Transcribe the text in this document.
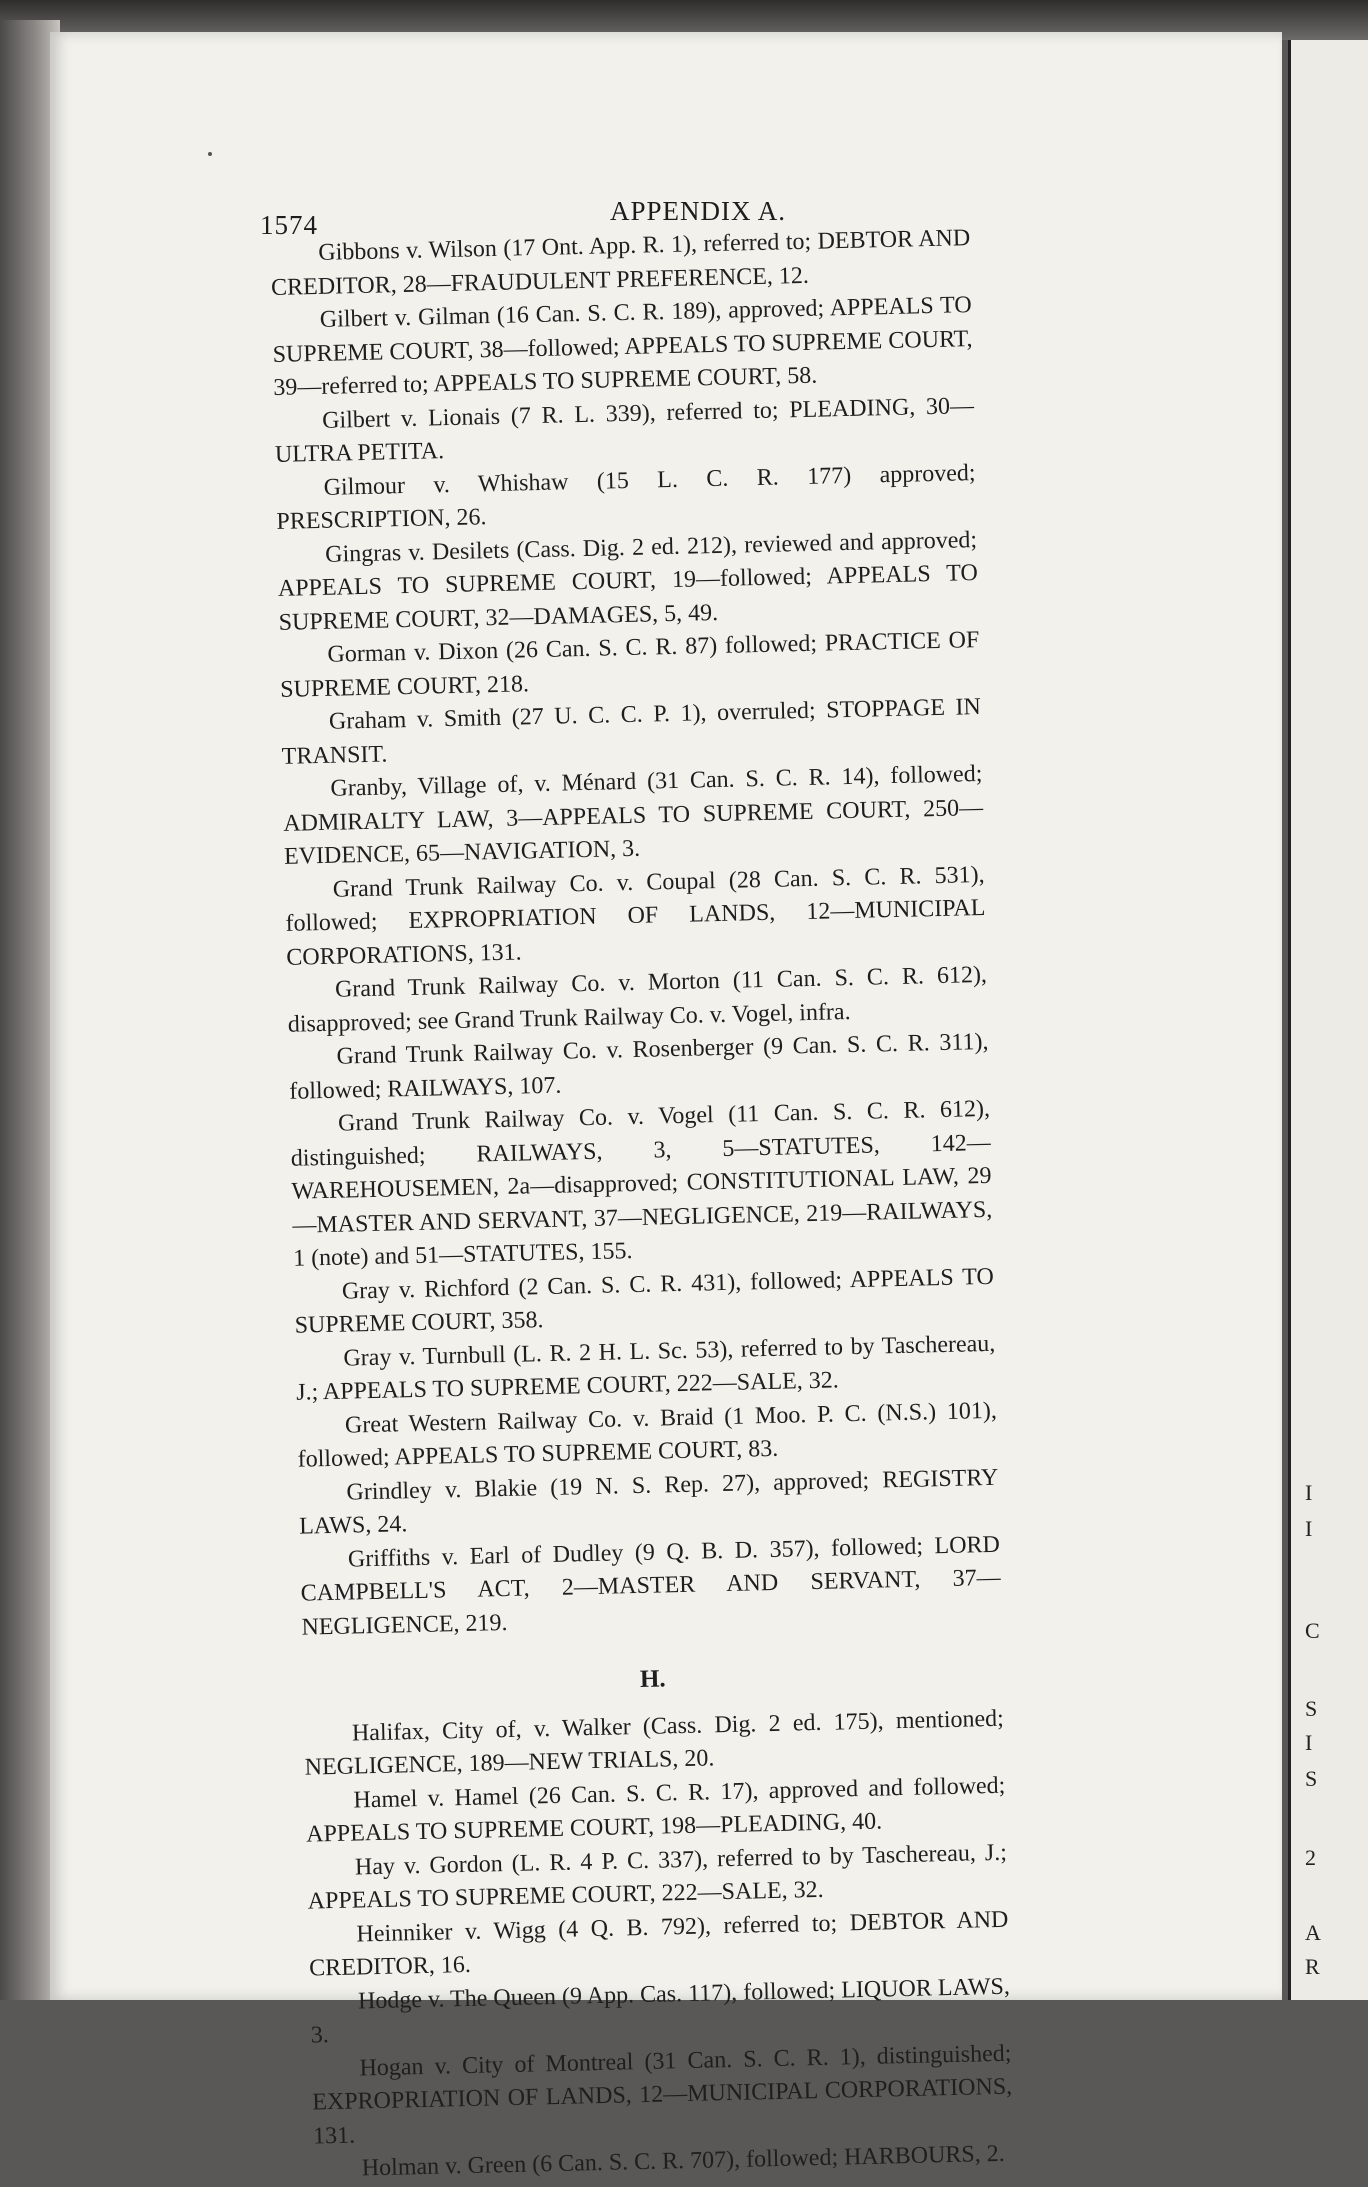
1574	APPENDIX A.

Gibbons v. Wilson (17 Ont. App. R. 1), referred to; DEBTOR AND CREDITOR, 28—FRAUDULENT PREFERENCE, 12.

Gilbert v. Gilman (16 Can. S. C. R. 189), approved; APPEALS TO SUPREME COURT, 38—followed; APPEALS TO SUPREME COURT, 39—referred to; APPEALS TO SUPREME COURT, 58.

Gilbert v. Lionais (7 R. L. 339), referred to; PLEADING, 30—ULTRA PETITA.

Gilmour v. Whishaw (15 L. C. R. 177) approved; PRESCRIPTION, 26.

Gingras v. Desilets (Cass. Dig. 2 ed. 212), reviewed and approved; APPEALS TO SUPREME COURT, 19—followed; APPEALS TO SUPREME COURT, 32—DAMAGES, 5, 49.

Gorman v. Dixon (26 Can. S. C. R. 87) followed; PRACTICE OF SUPREME COURT, 218.

Graham v. Smith (27 U. C. C. P. 1), overruled; STOPPAGE IN TRANSIT.

Granby, Village of, v. Ménard (31 Can. S. C. R. 14), followed; ADMIRALTY LAW, 3—APPEALS TO SUPREME COURT, 250—EVIDENCE, 65—NAVIGATION, 3.

Grand Trunk Railway Co. v. Coupal (28 Can. S. C. R. 531), followed; EXPROPRIATION OF LANDS, 12—MUNICIPAL CORPORATIONS, 131.

Grand Trunk Railway Co. v. Morton (11 Can. S. C. R. 612), disapproved; see Grand Trunk Railway Co. v. Vogel, infra.

Grand Trunk Railway Co. v. Rosenberger (9 Can. S. C. R. 311), followed; RAILWAYS, 107.

Grand Trunk Railway Co. v. Vogel (11 Can. S. C. R. 612), distinguished; RAILWAYS, 3, 5—STATUTES, 142—WAREHOUSEMEN, 2a—disapproved; CONSTITUTIONAL LAW, 29—MASTER AND SERVANT, 37—NEGLIGENCE, 219—RAILWAYS, 1 (note) and 51—STATUTES, 155.

Gray v. Richford (2 Can. S. C. R. 431), followed; APPEALS TO SUPREME COURT, 358.

Gray v. Turnbull (L. R. 2 H. L. Sc. 53), referred to by Taschereau, J.; APPEALS TO SUPREME COURT, 222—SALE, 32.

Great Western Railway Co. v. Braid (1 Moo. P. C. (N.S.) 101), followed; APPEALS TO SUPREME COURT, 83.

Grindley v. Blakie (19 N. S. Rep. 27), approved; REGISTRY LAWS, 24.

Griffiths v. Earl of Dudley (9 Q. B. D. 357), followed; LORD CAMPBELL'S ACT, 2—MASTER AND SERVANT, 37—NEGLIGENCE, 219.

H.

Halifax, City of, v. Walker (Cass. Dig. 2 ed. 175), mentioned; NEGLIGENCE, 189—NEW TRIALS, 20.

Hamel v. Hamel (26 Can. S. C. R. 17), approved and followed; APPEALS TO SUPREME COURT, 198—PLEADING, 40.

Hay v. Gordon (L. R. 4 P. C. 337), referred to by Taschereau, J.; APPEALS TO SUPREME COURT, 222—SALE, 32.

Heinniker v. Wigg (4 Q. B. 792), referred to; DEBTOR AND CREDITOR, 16.

Hodge v. The Queen (9 App. Cas. 117), followed; LIQUOR LAWS, 3.

Hogan v. City of Montreal (31 Can. S. C. R. 1), distinguished; EXPROPRIATION OF LANDS, 12—MUNICIPAL CORPORATIONS, 131.

Holman v. Green (6 Can. S. C. R. 707), followed; HARBOURS, 2.

I
I
C
S
I
S
2
A
R
